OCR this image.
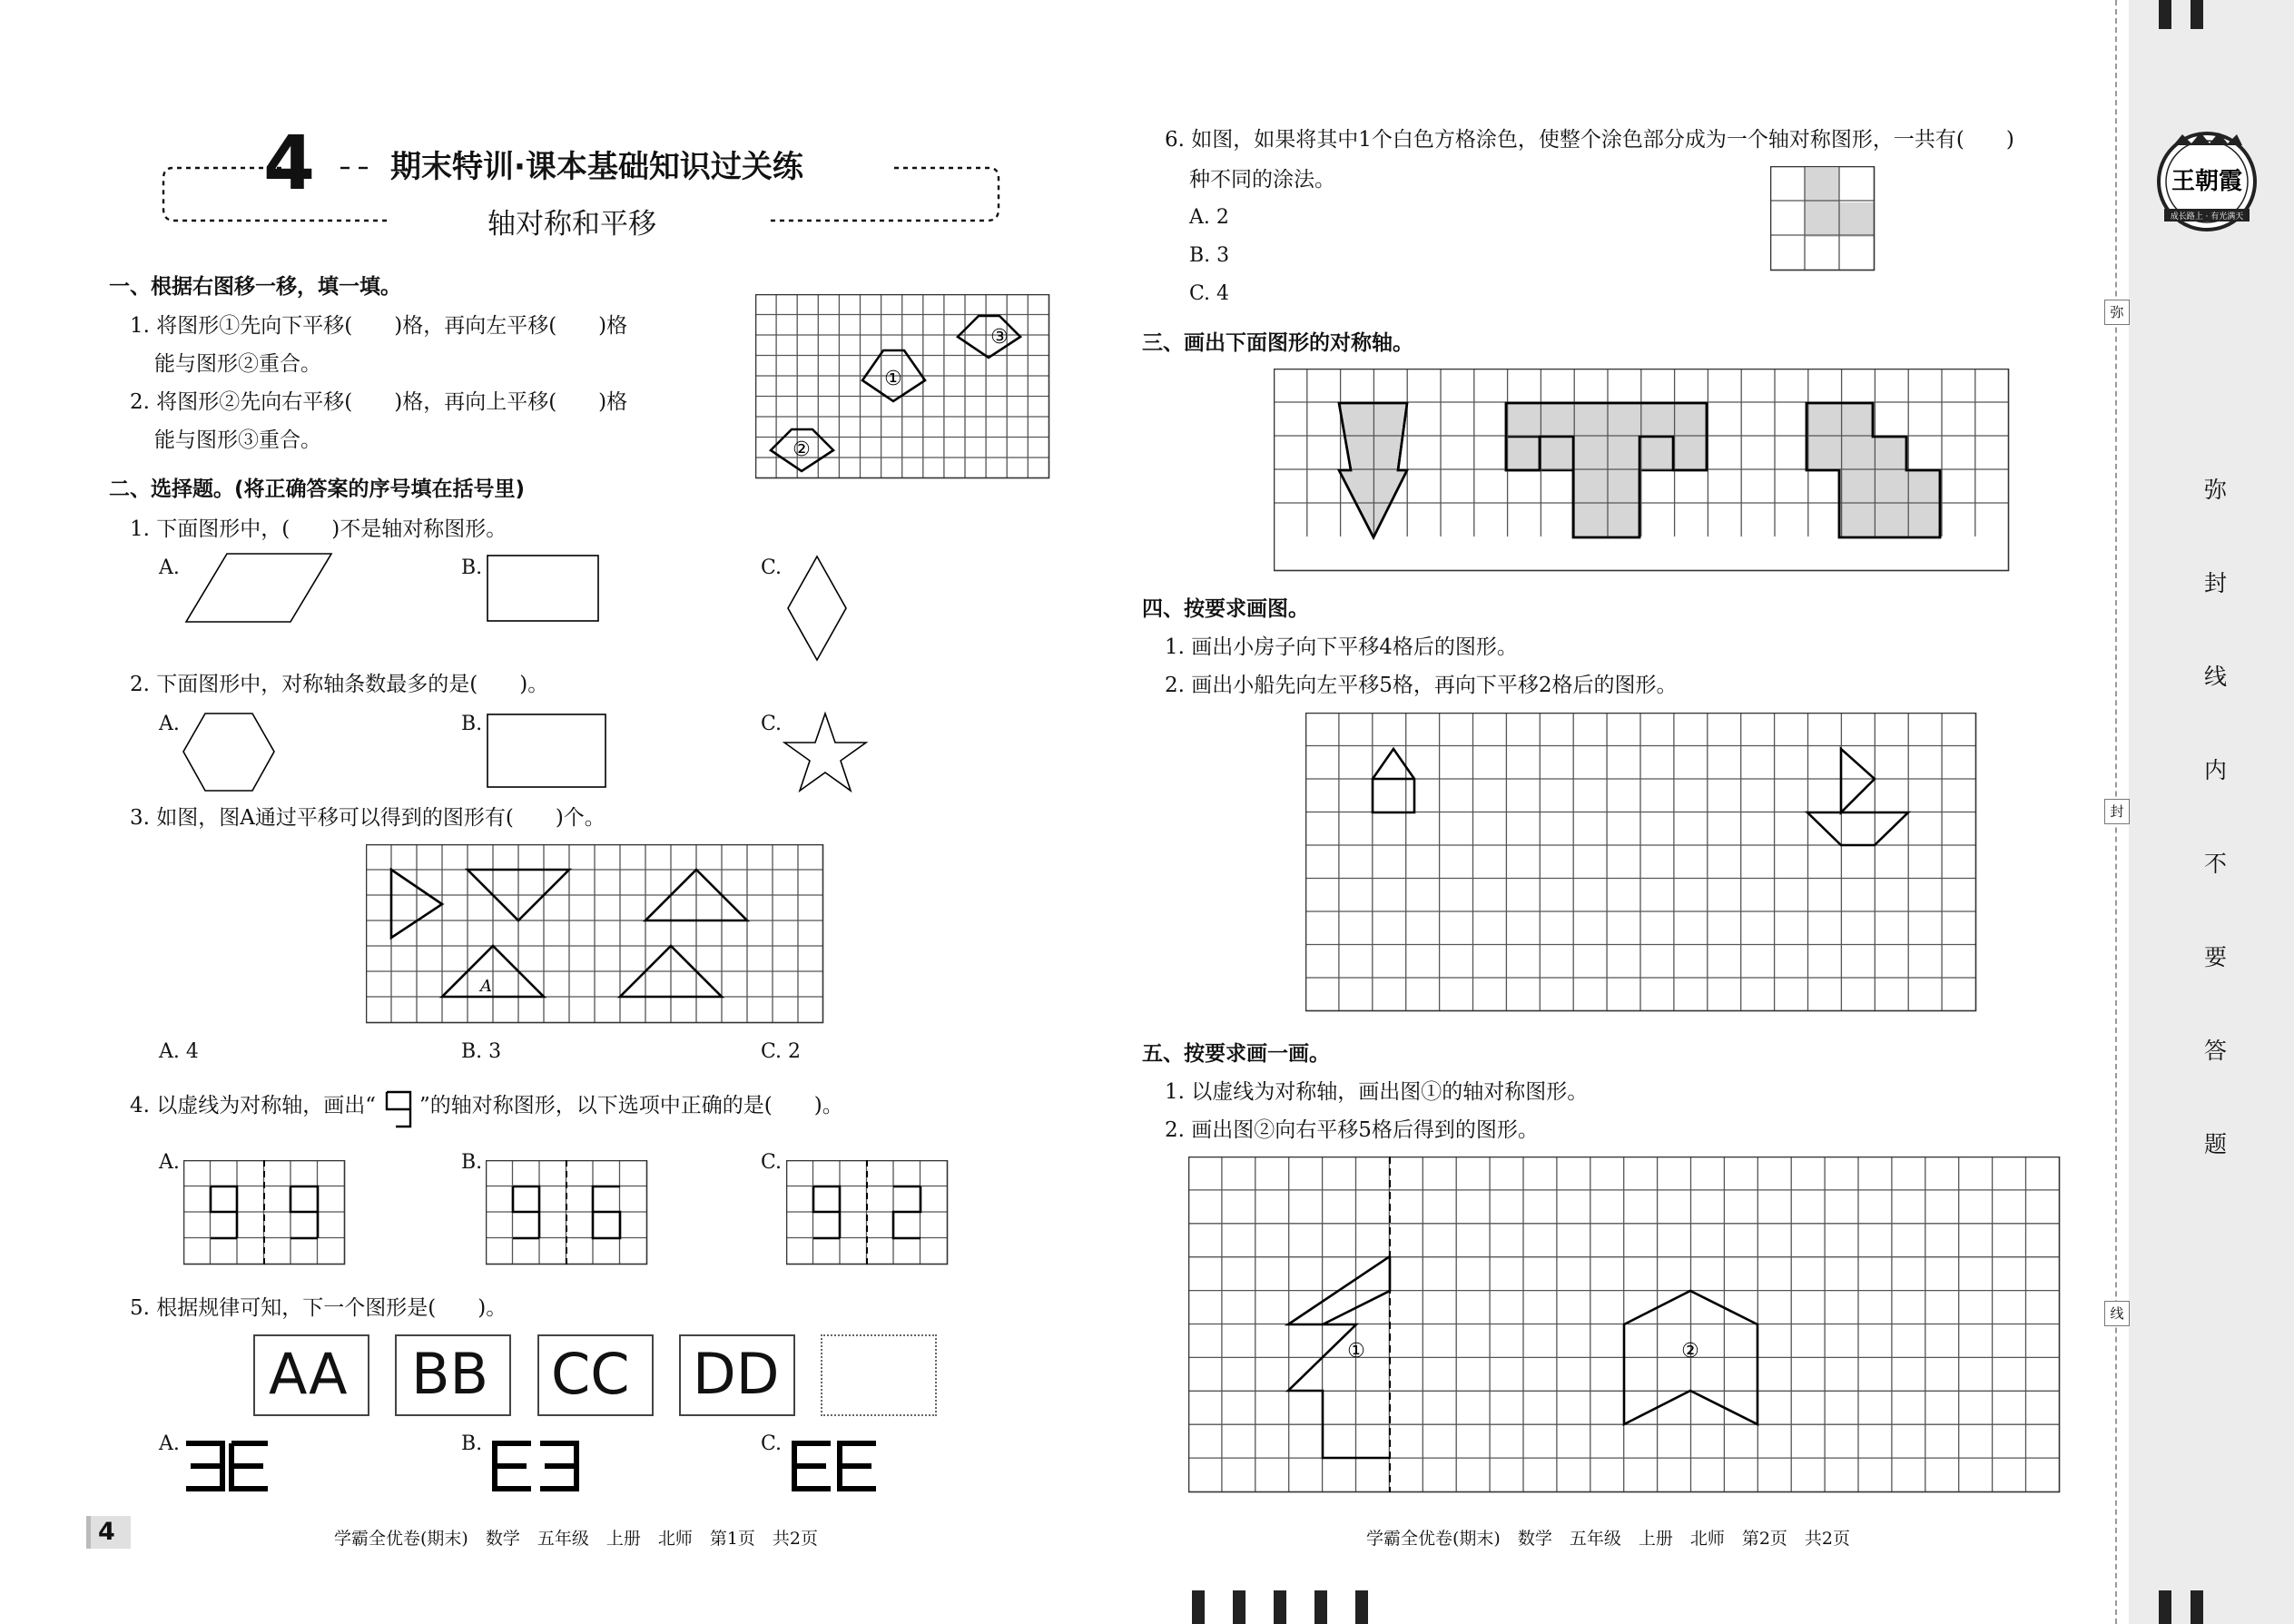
4 期末特训·课本基础知识过关练
轴对称和平移
一、根据右图移一移，填一填。
1. 将图形①先向下平移(　　)格，再向左平移(　　)格
能与图形②重合。
2. 将图形②先向右平移(　　)格，再向上平移(　　)格
能与图形③重合。
①
③
②
二、选择题。(将正确答案的序号填在括号里)
1. 下面图形中，(　　)不是轴对称图形。
A.	B.	C.
2. 下面图形中，对称轴条数最多的是(　　)。
A.	B.	C.
3. 如图，图A通过平移可以得到的图形有(　　)个。
A
A. 4	B. 3	C. 2
4. 以虚线为对称轴，画出“ ”的轴对称图形，以下选项中正确的是(　　)。
A.	B.	C.
5. 根据规律可知，下一个图形是(　　)。
AA BB CC DD
A.	B.	C.
6. 如图，如果将其中1个白色方格涂色，使整个涂色部分成为一个轴对称图形，一共有(　　)
种不同的涂法。
A. 2
B. 3
C. 4
三、画出下面图形的对称轴。
四、按要求画图。
1. 画出小房子向下平移4格后的图形。
2. 画出小船先向左平移5格，再向下平移2格后的图形。
五、按要求画一画。
1. 以虚线为对称轴，画出图①的轴对称图形。
2. 画出图②向右平移5格后得到的图形。
①	②
4	学霸全优卷(期末)　数学　五年级　上册　北师　第1页　共2页	学霸全优卷(期末)　数学　五年级　上册　北师　第2页　共2页
王朝霞
成长路上 · 有光满天
弥
封
线
弥
封
线
内
不
要
答
题
